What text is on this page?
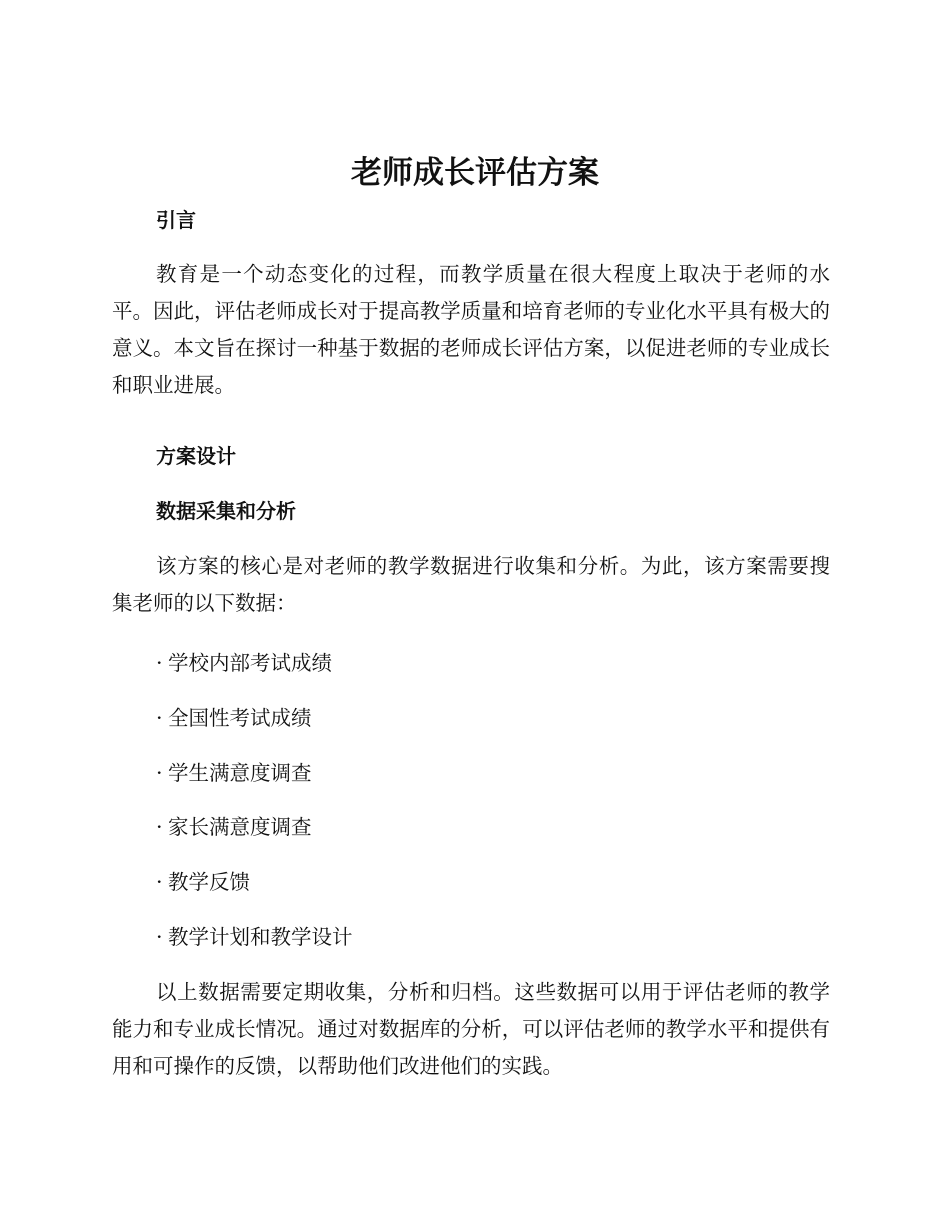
老师成长评估方案
引言

教育是一个动态变化的过程，而教学质量在很大程度上取决于老师的水平。因此，评估老师成长对于提高教学质量和培育老师的专业化水平具有极大的意义。本文旨在探讨一种基于数据的老师成长评估方案，以促进老师的专业成长和职业进展。

方案设计
数据采集和分析

该方案的核心是对老师的教学数据进行收集和分析。为此，该方案需要搜集老师的以下数据：

· 学校内部考试成绩
· 全国性考试成绩
· 学生满意度调查
· 家长满意度调查
· 教学反馈
· 教学计划和教学设计

以上数据需要定期收集，分析和归档。这些数据可以用于评估老师的教学能力和专业成长情况。通过对数据库的分析，可以评估老师的教学水平和提供有用和可操作的反馈，以帮助他们改进他们的实践。
